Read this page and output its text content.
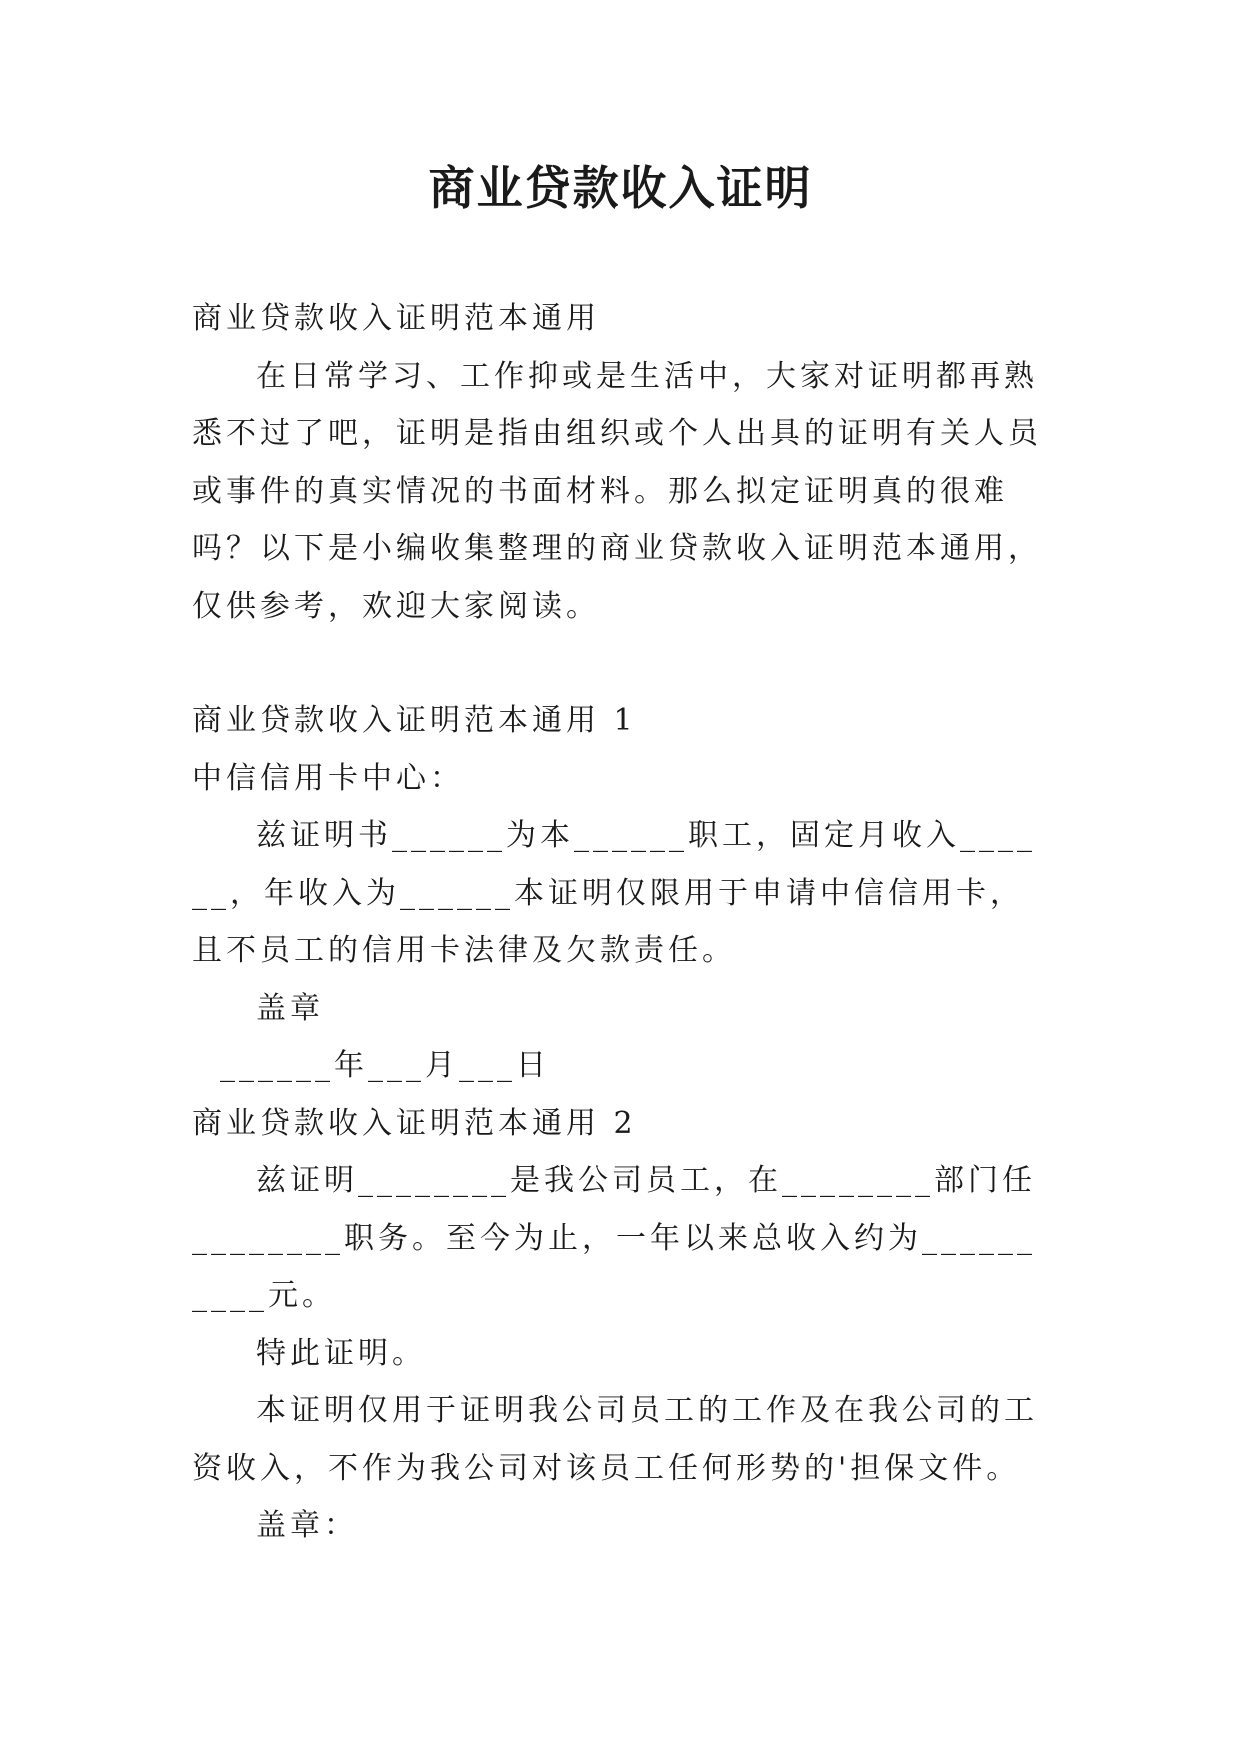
商业贷款收入证明

商业贷款收入证明范本通用

在日常学习、工作抑或是生活中，大家对证明都再熟悉不过了吧，证明是指由组织或个人出具的证明有关人员或事件的真实情况的书面材料。那么拟定证明真的很难吗？以下是小编收集整理的商业贷款收入证明范本通用，仅供参考，欢迎大家阅读。

商业贷款收入证明范本通用 1

中信信用卡中心：

兹证明书______为本______职工，固定月收入______，年收入为______本证明仅限用于申请中信信用卡，且不员工的信用卡法律及欠款责任。

盖章

______年___月___日

商业贷款收入证明范本通用 2

兹证明________是我公司员工，在________部门任________职务。至今为止，一年以来总收入约为__________元。

特此证明。

本证明仅用于证明我公司员工的工作及在我公司的工资收入，不作为我公司对该员工任何形势的'担保文件。

盖章：
